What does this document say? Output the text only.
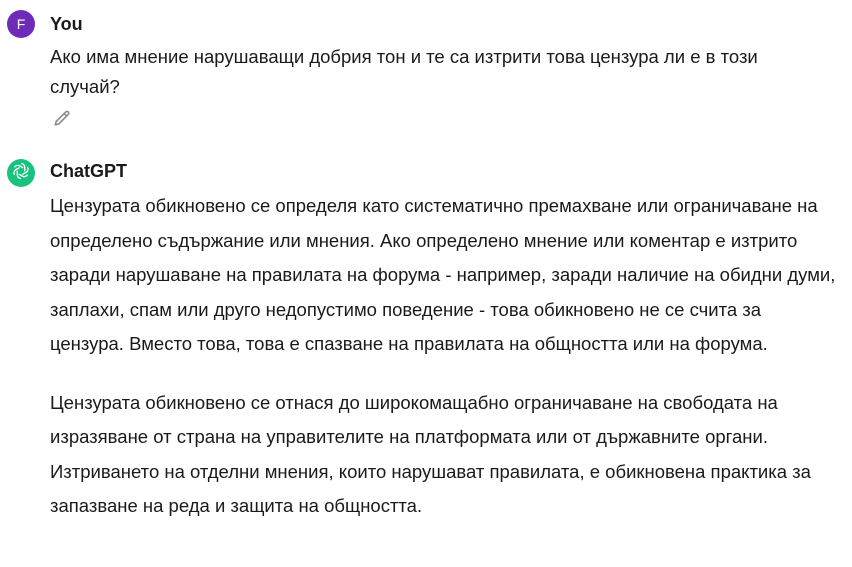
F You

Ако има мнение нарушаващи добрия тон и те са изтрити това цензура ли е в този случай?

ChatGPT

Цензурата обикновено се определя като систематично премахване или ограничаване на определено съдържание или мнения. Ако определено мнение или коментар е изтрито заради нарушаване на правилата на форума - например, заради наличие на обидни думи, заплахи, спам или друго недопустимо поведение - това обикновено не се счита за цензура. Вместо това, това е спазване на правилата на общността или на форума.

Цензурата обикновено се отнася до широкомащабно ограничаване на свободата на изразяване от страна на управителите на платформата или от държавните органи. Изтриването на отделни мнения, които нарушават правилата, е обикновена практика за запазване на реда и защита на общността.
